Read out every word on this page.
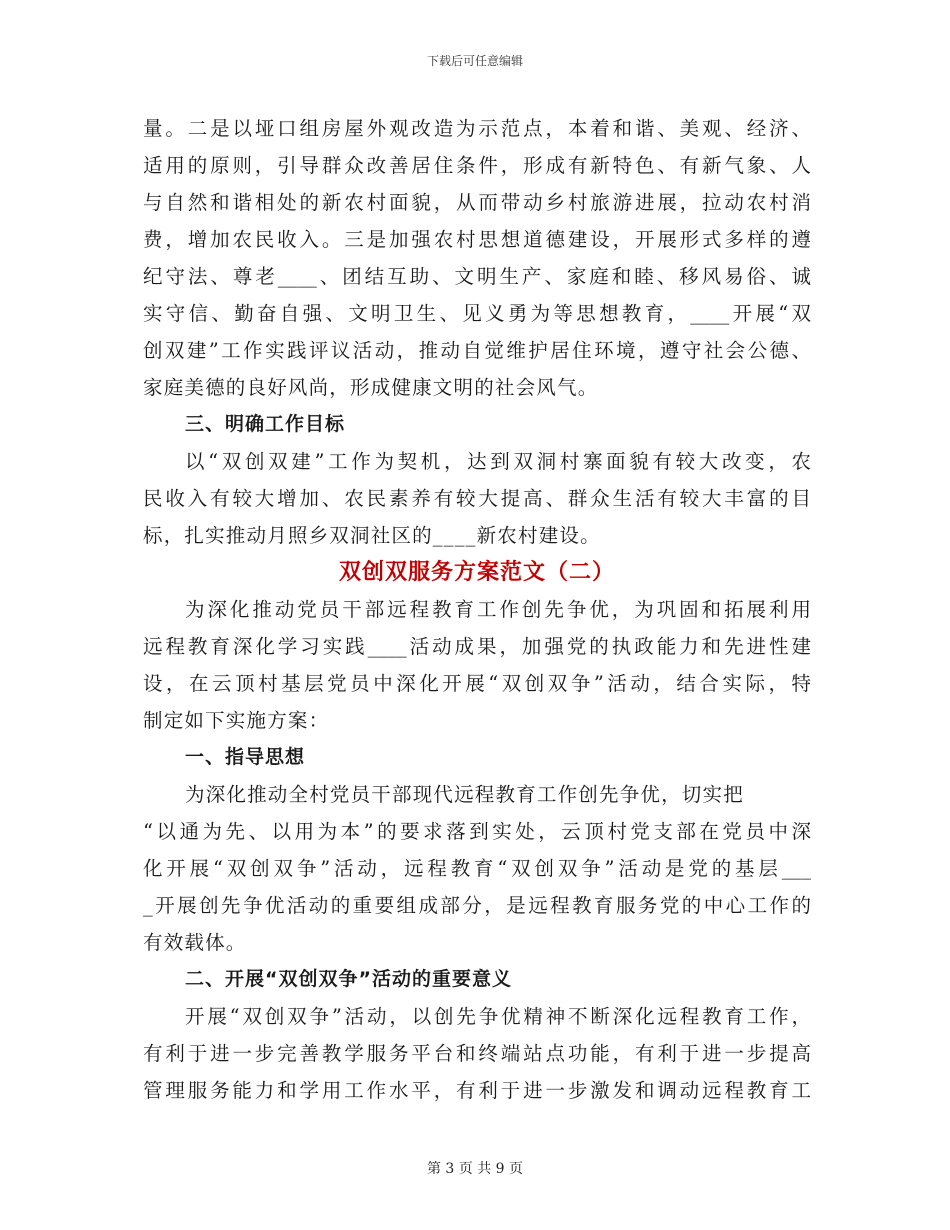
下载后可任意编辑
量。二是以垭口组房屋外观改造为示范点，本着和谐、美观、经济、
适用的原则，引导群众改善居住条件，形成有新特色、有新气象、人
与自然和谐相处的新农村面貌，从而带动乡村旅游进展，拉动农村消
费，增加农民收入。三是加强农村思想道德建设，开展形式多样的遵
纪守法、尊老____、团结互助、文明生产、家庭和睦、移风易俗、诚
实守信、勤奋自强、文明卫生、见义勇为等思想教育，____开展“双
创双建”工作实践评议活动，推动自觉维护居住环境，遵守社会公德、
家庭美德的良好风尚，形成健康文明的社会风气。
三、明确工作目标
以“双创双建”工作为契机，达到双洞村寨面貌有较大改变，农
民收入有较大增加、农民素养有较大提高、群众生活有较大丰富的目
标，扎实推动月照乡双洞社区的____新农村建设。
双创双服务方案范文（二）
为深化推动党员干部远程教育工作创先争优，为巩固和拓展利用
远程教育深化学习实践____活动成果，加强党的执政能力和先进性建
设，在云顶村基层党员中深化开展“双创双争”活动，结合实际，特
制定如下实施方案：
一、指导思想
为深化推动全村党员干部现代远程教育工作创先争优，切实把
“以通为先、以用为本”的要求落到实处，云顶村党支部在党员中深
化开展“双创双争”活动，远程教育“双创双争”活动是党的基层___
_开展创先争优活动的重要组成部分，是远程教育服务党的中心工作的
有效载体。
二、开展“双创双争”活动的重要意义
开展“双创双争”活动，以创先争优精神不断深化远程教育工作，
有利于进一步完善教学服务平台和终端站点功能，有利于进一步提高
管理服务能力和学用工作水平，有利于进一步激发和调动远程教育工
第 3 页 共 9 页
